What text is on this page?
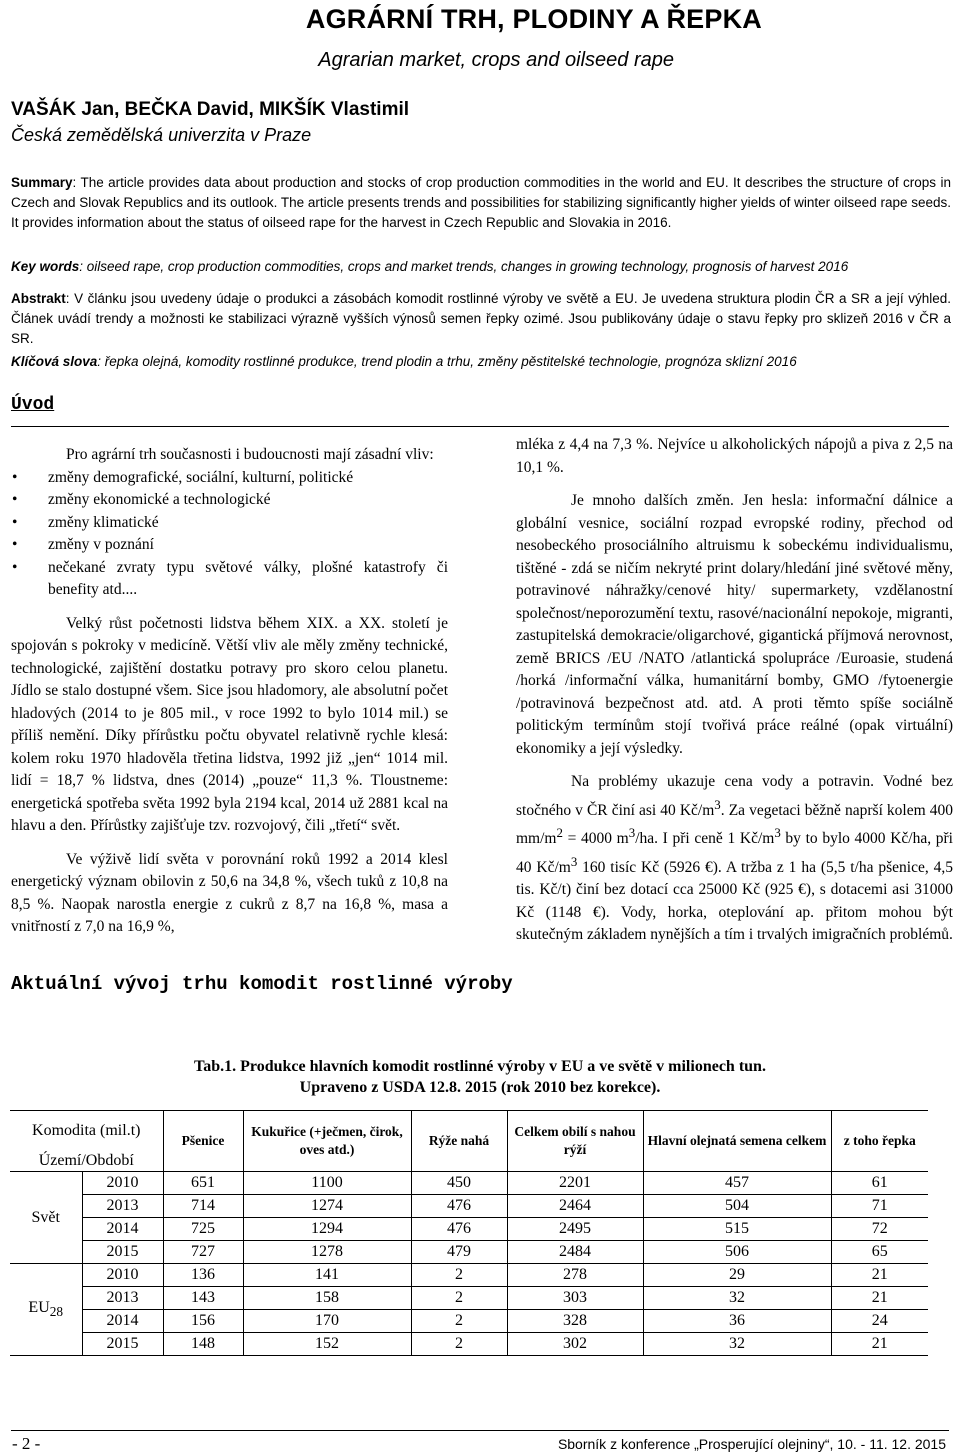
AGRÁRNÍ TRH, PLODINY A ŘEPKA
Agrarian market, crops and oilseed rape
VAŠÁK Jan, BEČKA David, MIKŠÍK Vlastimil
Česká zemědělská univerzita v Praze
Summary: The article provides data about production and stocks of crop production commodities in the world and EU. It describes the structure of crops in Czech and Slovak Republics and its outlook. The article presents trends and possibilities for stabilizing significantly higher yields of winter oilseed rape seeds. It provides information about the status of oilseed rape for the harvest in Czech Republic and Slovakia in 2016.
Key words: oilseed rape, crop production commodities, crops and market trends, changes in growing technology, prognosis of harvest 2016
Abstrakt: V článku jsou uvedeny údaje o produkci a zásobách komodit rostlinné výroby ve světě a EU. Je uvedena struktura plodin ČR a SR a její výhled. Článek uvádí trendy a možnosti ke stabilizaci výrazně vyšších výnosů semen řepky ozimé. Jsou publikovány údaje o stavu řepky pro sklizeň 2016 v ČR a SR.
Klíčová slova: řepka olejná, komodity rostlinné produkce, trend plodin a trhu, změny pěstitelské technologie, prognóza sklizní 2016
Úvod

Pro agrární trh současnosti i budoucnosti mají zásadní vliv:

• změny demografické, sociální, kulturní, politické
• změny ekonomické a technologické
• změny klimatické
• změny v poznání
• nečekané zvraty typu světové války, plošné katastrofy či benefity atd....

Velký růst početnosti lidstva během XIX. a XX. století je spojován s pokroky v medicíně. Větší vliv ale měly změny technické, technologické, zajištění dostatku potravy pro skoro celou planetu. Jídlo se stalo dostupné všem. Sice jsou hladomory, ale absolutní počet hladových (2014 to je 805 mil., v roce 1992 to bylo 1014 mil.) se příliš nemění. Díky přírůstku počtu obyvatel relativně rychle klesá: kolem roku 1970 hladověla třetina lidstva, 1992 již „jen“ 1014 mil. lidí = 18,7 % lidstva, dnes (2014) „pouze“ 11,3 %. Tloustneme: energetická spotřeba světa 1992 byla 2194 kcal, 2014 už 2881 kcal na hlavu a den. Přírůstky zajišťuje tzv. rozvojový, čili „třetí“ svět.

Ve výživě lidí světa v porovnání roků 1992 a 2014 klesl energetický význam obilovin z 50,6 na 34,8 %, všech tuků z 10,8 na 8,5 %. Naopak narostla energie z cukrů z 8,7 na 16,8 %, masa a vnitřností z 7,0 na 16,9 %,

mléka z 4,4 na 7,3 %. Nejvíce u alkoholických nápojů a piva z 2,5 na 10,1 %.

Je mnoho dalších změn. Jen hesla: informační dálnice a globální vesnice, sociální rozpad evropské rodiny, přechod od nesobeckého prosociálního altruismu k sobeckému individualismu, tištěné - zdá se ničím nekryté print dolary/hledání jiné světové měny, potravinové náhražky/cenové hity/ supermarkety, vzdělanostní společnost/neporozumění textu, rasové/nacionální nepokoje, migranti, zastupitelská demokracie/oligarchové, gigantická příjmová nerovnost, země BRICS /EU /NATO /atlantická spolupráce /Euroasie, studená /horká /informační válka, humanitární bomby, GMO /fytoenergie /potravinová bezpečnost atd. atd. A proti těmto spíše sociálně politickým termínům stojí tvořivá práce reálné (opak virtuální) ekonomiky a její výsledky.

Na problémy ukazuje cena vody a potravin. Vodné bez stočného v ČR činí asi 40 $Kč/m^3$. Za vegetaci běžně naprší kolem 400 $mm/m^2 = 4000$ $m^3/ha$. I při ceně 1 $Kč/m^3$ by to bylo 4000 Kč/ha, při 40 $Kč/m^3$ 160 tisíc Kč (5926 €). A tržba z 1 ha (5,5 t/ha pšenice, 4,5 tis. Kč/t) činí bez dotací cca 25000 Kč (925 €), s dotacemi asi 31000 Kč (1148 €). Vody, horka, oteplování ap. přitom mohou být skutečným základem nynějších a tím i trvalých imigračních problémů.

Aktuální vývoj trhu komodit rostlinné výroby
Tab.1. Produkce hlavních komodit rostlinné výroby v EU a ve světě v milionech tun.
Upraveno z USDA 12.8. 2015 (rok 2010 bez korekce).
Komodita (mil.t)		Pšenice	Kukuřice (+ječmen, čirok, oves atd.)	Rýže nahá	Celkem obilí s nahou rýží	Hlavní olejnatá semena celkem	z toho řepka
Území/Období							
Svět	2010	651	1100	450	2201	457	61
	2013	714	1274	476	2464	504	71
	2014	725	1294	476	2495	515	72
	2015	727	1278	479	2484	506	65
$EU_{28}$	2010	136	141	2	278	29	21
	2013	143	158	2	303	32	21
	2014	156	170	2	328	36	24
	2015	148	152	2	302	32	21
- 2 -	Sborník z konference „Prosperující olejniny“, 10. - 11. 12. 2015
